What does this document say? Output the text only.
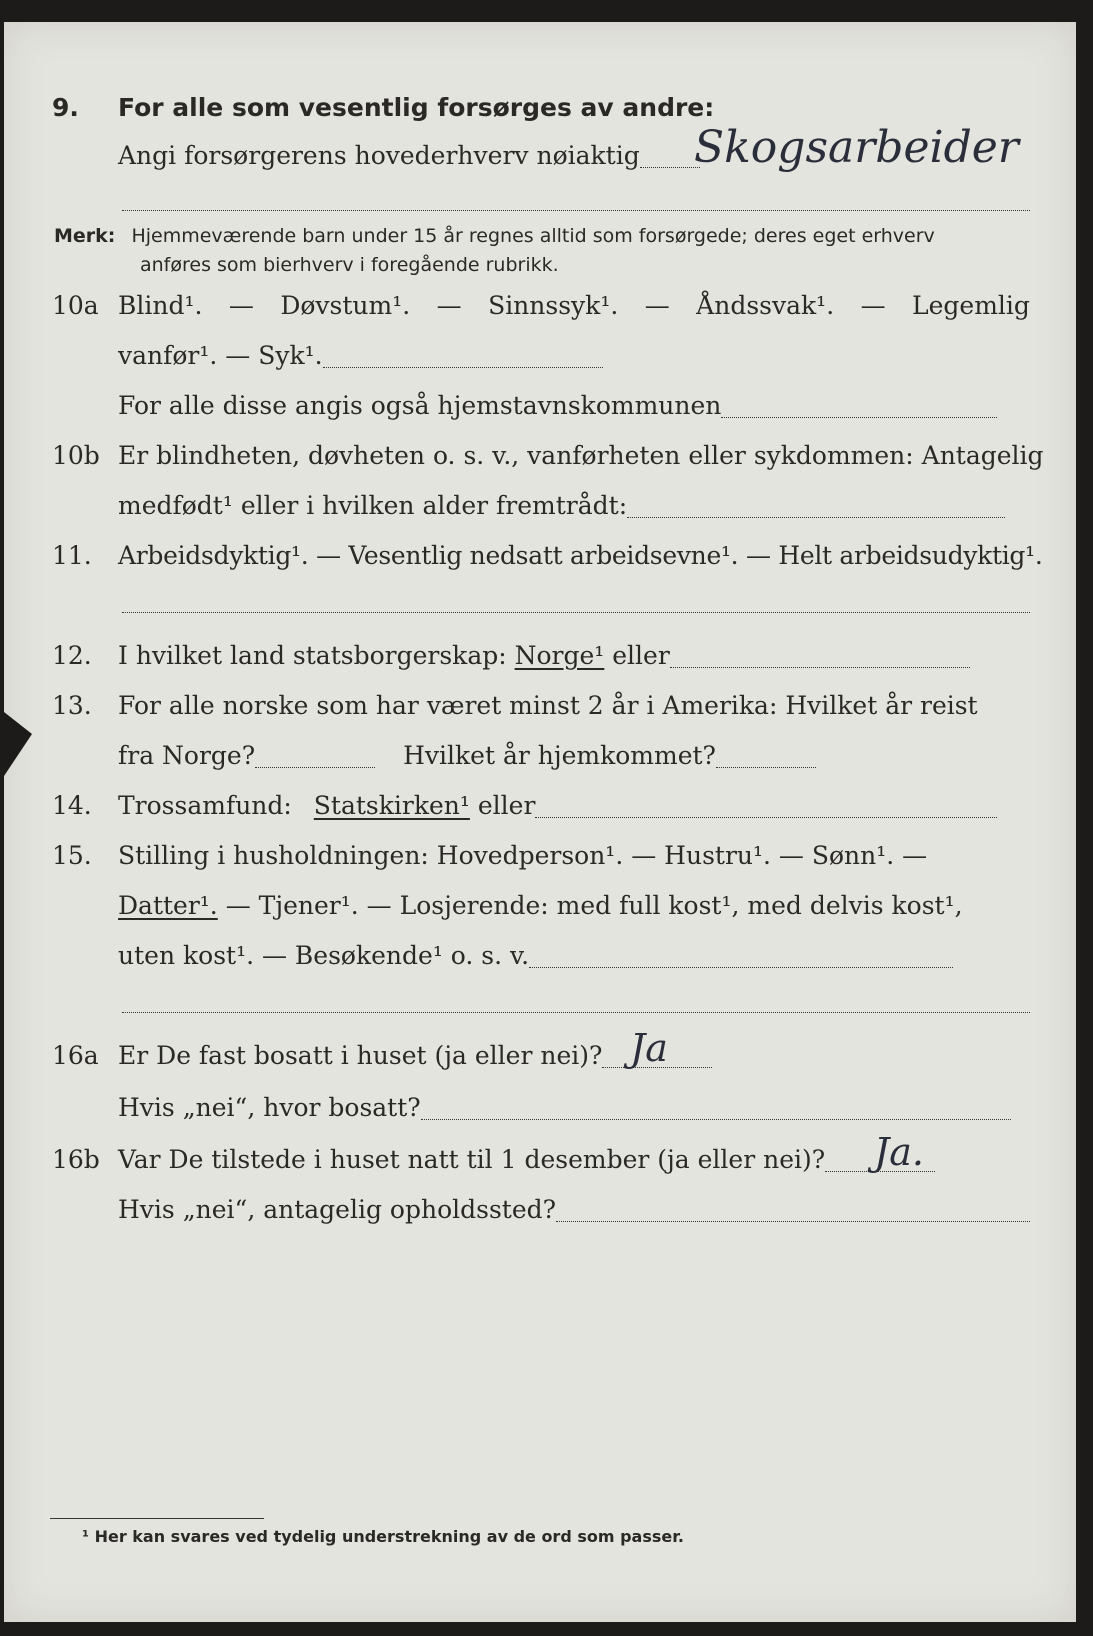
9. For alle som vesentlig forsørges av andre:
Angi forsørgerens hovederhverv nøiaktig	Skogsarbeider
Merk: Hjemmeværende barn under 15 år regnes alltid som forsørgede; deres eget erhverv
anføres som bierhverv i foregående rubrikk.
10a Blind¹. — Døvstum¹. — Sinnssyk¹. — Åndssvak¹. — Legemlig
vanfør¹. — Syk¹.
For alle disse angis også hjemstavnskommunen
10b Er blindheten, døvheten o. s. v., vanførheten eller sykdommen: Antagelig
medfødt¹ eller i hvilken alder fremtrådt:
11. Arbeidsdyktig¹. — Vesentlig nedsatt arbeidsevne¹. — Helt arbeidsudyktig¹.
12. I hvilket land statsborgerskap: Norge¹ eller
13. For alle norske som har været minst 2 år i Amerika: Hvilket år reist
fra Norge?	Hvilket år hjemkommet?
14. Trossamfund: Statskirken¹ eller
15. Stilling i husholdningen: Hovedperson¹. — Hustru¹. — Sønn¹. —
Datter¹. — Tjener¹. — Losjerende: med full kost¹, med delvis kost¹,
uten kost¹. — Besøkende¹ o. s. v.
16a Er De fast bosatt i huset (ja eller nei)? Ja
Hvis „nei“, hvor bosatt?
16b Var De tilstede i huset natt til 1 desember (ja eller nei)?	Ja.
Hvis „nei“, antagelig opholdssted?
¹ Her kan svares ved tydelig understrekning av de ord som passer.
